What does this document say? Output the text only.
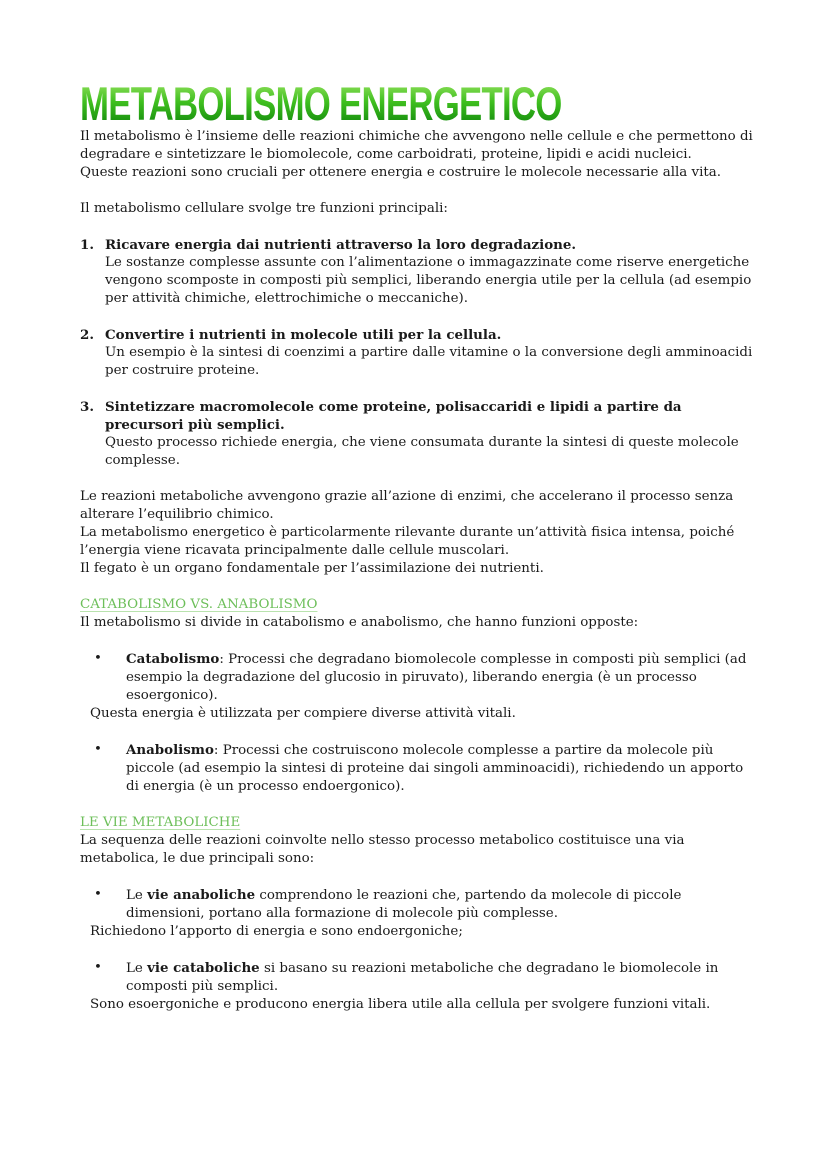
METABOLISMO ENERGETICO

Il metabolismo è l’insieme delle reazioni chimiche che avvengono nelle cellule e che permettono di degradare e sintetizzare le biomolecole, come carboidrati, proteine, lipidi e acidi nucleici.

Queste reazioni sono cruciali per ottenere energia e costruire le molecole necessarie alla vita.

Il metabolismo cellulare svolge tre funzioni principali:

1. Ricavare energia dai nutrienti attraverso la loro degradazione.
Le sostanze complesse assunte con l’alimentazione o immagazzinate come riserve energetiche vengono scomposte in composti più semplici, liberando energia utile per la cellula (ad esempio per attività chimiche, elettrochimiche o meccaniche).
2. Convertire i nutrienti in molecole utili per la cellula.
Un esempio è la sintesi di coenzimi a partire dalle vitamine o la conversione degli amminoacidi per costruire proteine.
3. Sintetizzare macromolecole come proteine, polisaccaridi e lipidi a partire da precursori più semplici.
Questo processo richiede energia, che viene consumata durante la sintesi di queste molecole complesse.

Le reazioni metaboliche avvengono grazie all’azione di enzimi, che accelerano il processo senza alterare l’equilibrio chimico.

La metabolismo energetico è particolarmente rilevante durante un’attività fisica intensa, poiché l’energia viene ricavata principalmente dalle cellule muscolari.

Il fegato è un organo fondamentale per l’assimilazione dei nutrienti.

CATABOLISMO VS. ANABOLISMO

Il metabolismo si divide in catabolismo e anabolismo, che hanno funzioni opposte:

• Catabolismo: Processi che degradano biomolecole complesse in composti più semplici (ad esempio la degradazione del glucosio in piruvato), liberando energia (è un processo esoergonico).

Questa energia è utilizzata per compiere diverse attività vitali.

• Anabolismo: Processi che costruiscono molecole complesse a partire da molecole più piccole (ad esempio la sintesi di proteine dai singoli amminoacidi), richiedendo un apporto di energia (è un processo endoergonico).
LE VIE METABOLICHE

La sequenza delle reazioni coinvolte nello stesso processo metabolico costituisce una via metabolica, le due principali sono:

• Le vie anaboliche comprendono le reazioni che, partendo da molecole di piccole dimensioni, portano alla formazione di molecole più complesse.

Richiedono l’apporto di energia e sono endoergoniche;

• Le vie cataboliche si basano su reazioni metaboliche che degradano le biomolecole in composti più semplici.

Sono esoergoniche e producono energia libera utile alla cellula per svolgere funzioni vitali.
